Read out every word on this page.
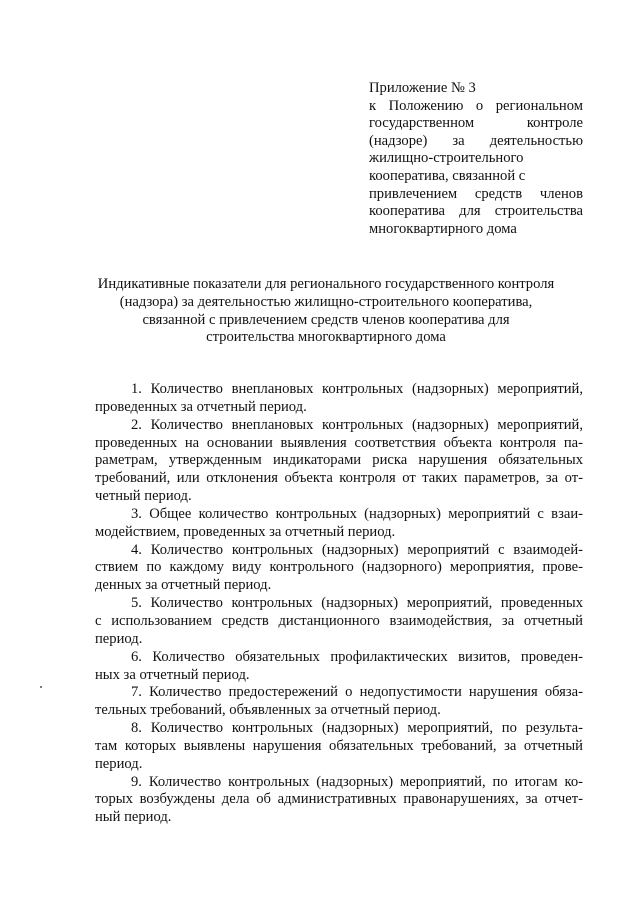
Приложение № 3
к Положению о региональном
государственном контроле
(надзоре) за деятельностью
жилищно-строительного
кооператива, связанной с
привлечением средств членов
кооператива для строительства
многоквартирного дома
Индикативные показатели для регионального государственного контроля
(надзора) за деятельностью жилищно-строительного кооператива,
связанной с привлечением средств членов кооператива для
строительства многоквартирного дома
1. Количество внеплановых контрольных (надзорных) мероприятий,
проведенных за отчетный период.
2. Количество внеплановых контрольных (надзорных) мероприятий,
проведенных на основании выявления соответствия объекта контроля па-
раметрам, утвержденным индикаторами риска нарушения обязательных
требований, или отклонения объекта контроля от таких параметров, за от-
четный период.
3. Общее количество контрольных (надзорных) мероприятий с взаи-
модействием, проведенных за отчетный период.
4. Количество контрольных (надзорных) мероприятий с взаимодей-
ствием по каждому виду контрольного (надзорного) мероприятия, прове-
денных за отчетный период.
5. Количество контрольных (надзорных) мероприятий, проведенных
с использованием средств дистанционного взаимодействия, за отчетный
период.
6. Количество обязательных профилактических визитов, проведен-
ных за отчетный период.
7. Количество предостережений о недопустимости нарушения обяза-
тельных требований, объявленных за отчетный период.
8. Количество контрольных (надзорных) мероприятий, по результа-
там которых выявлены нарушения обязательных требований, за отчетный
период.
9. Количество контрольных (надзорных) мероприятий, по итогам ко-
торых возбуждены дела об административных правонарушениях, за отчет-
ный период.
